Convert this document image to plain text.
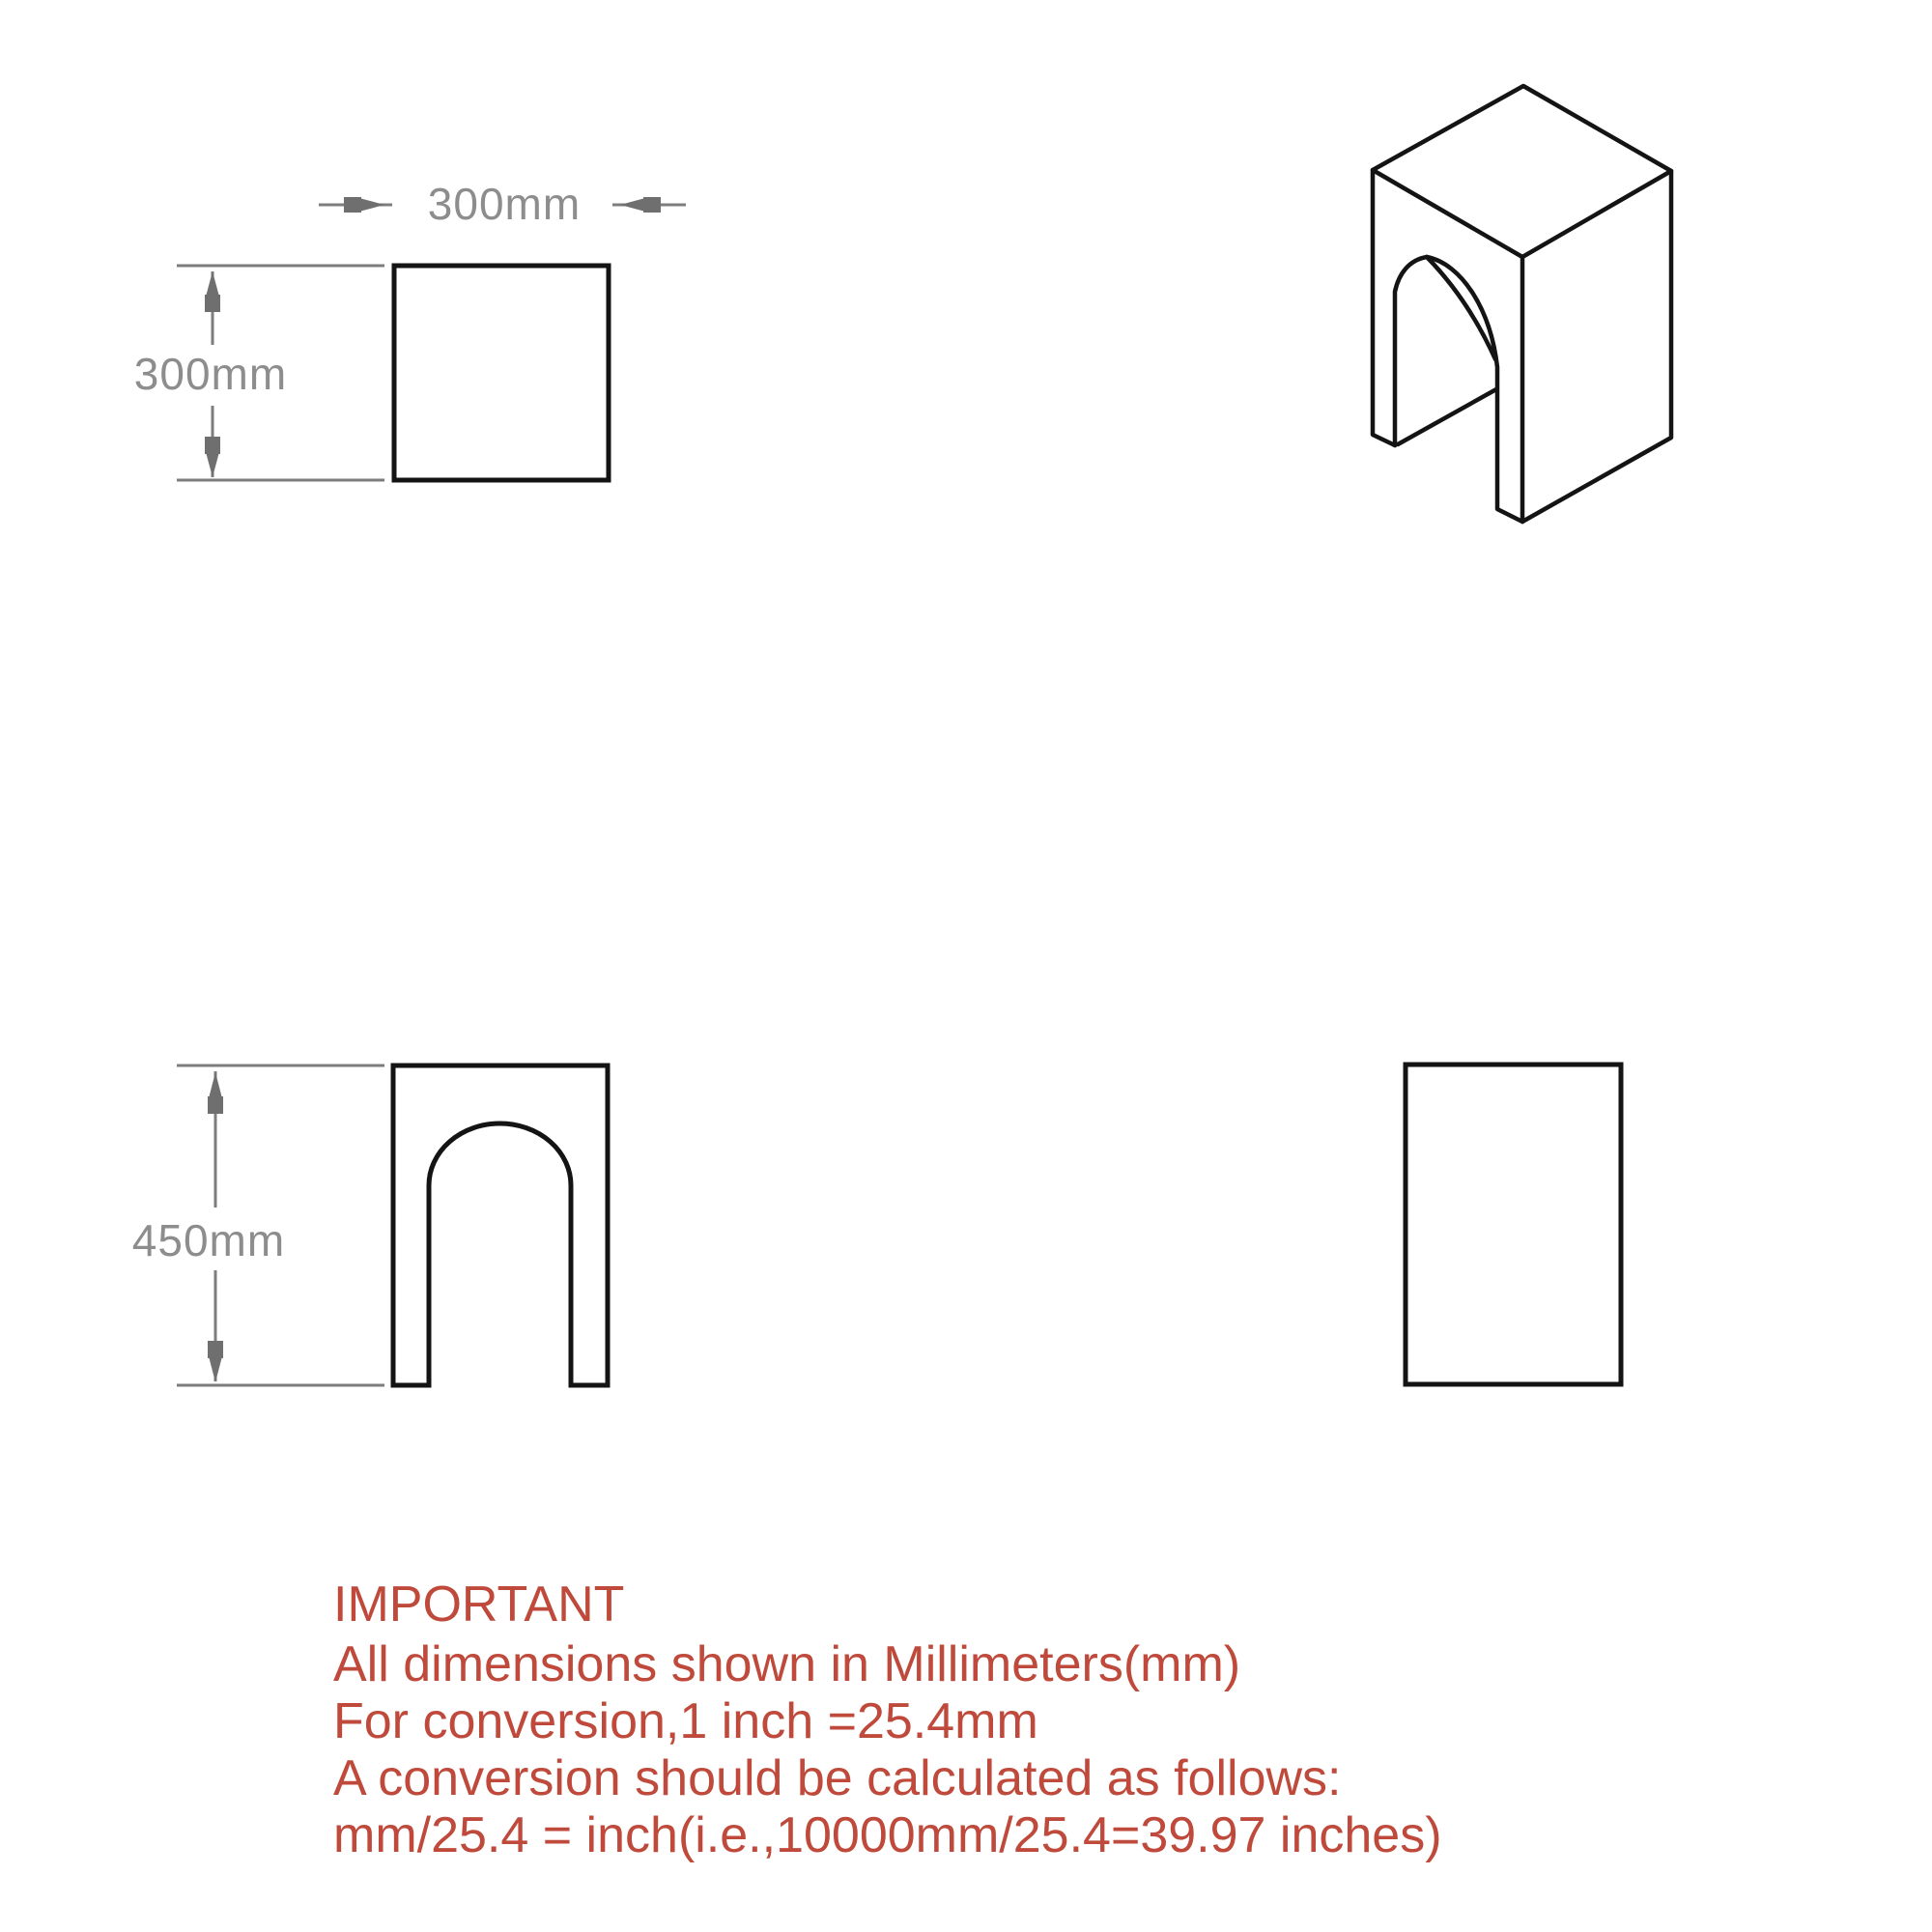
300mm
300mm
450mm
IMPORTANT
All dimensions shown in Millimeters(mm)
For conversion,1 inch =25.4mm
A conversion should be calculated as follows:
mm/25.4 = inch(i.e.,10000mm/25.4=39.97 inches)
